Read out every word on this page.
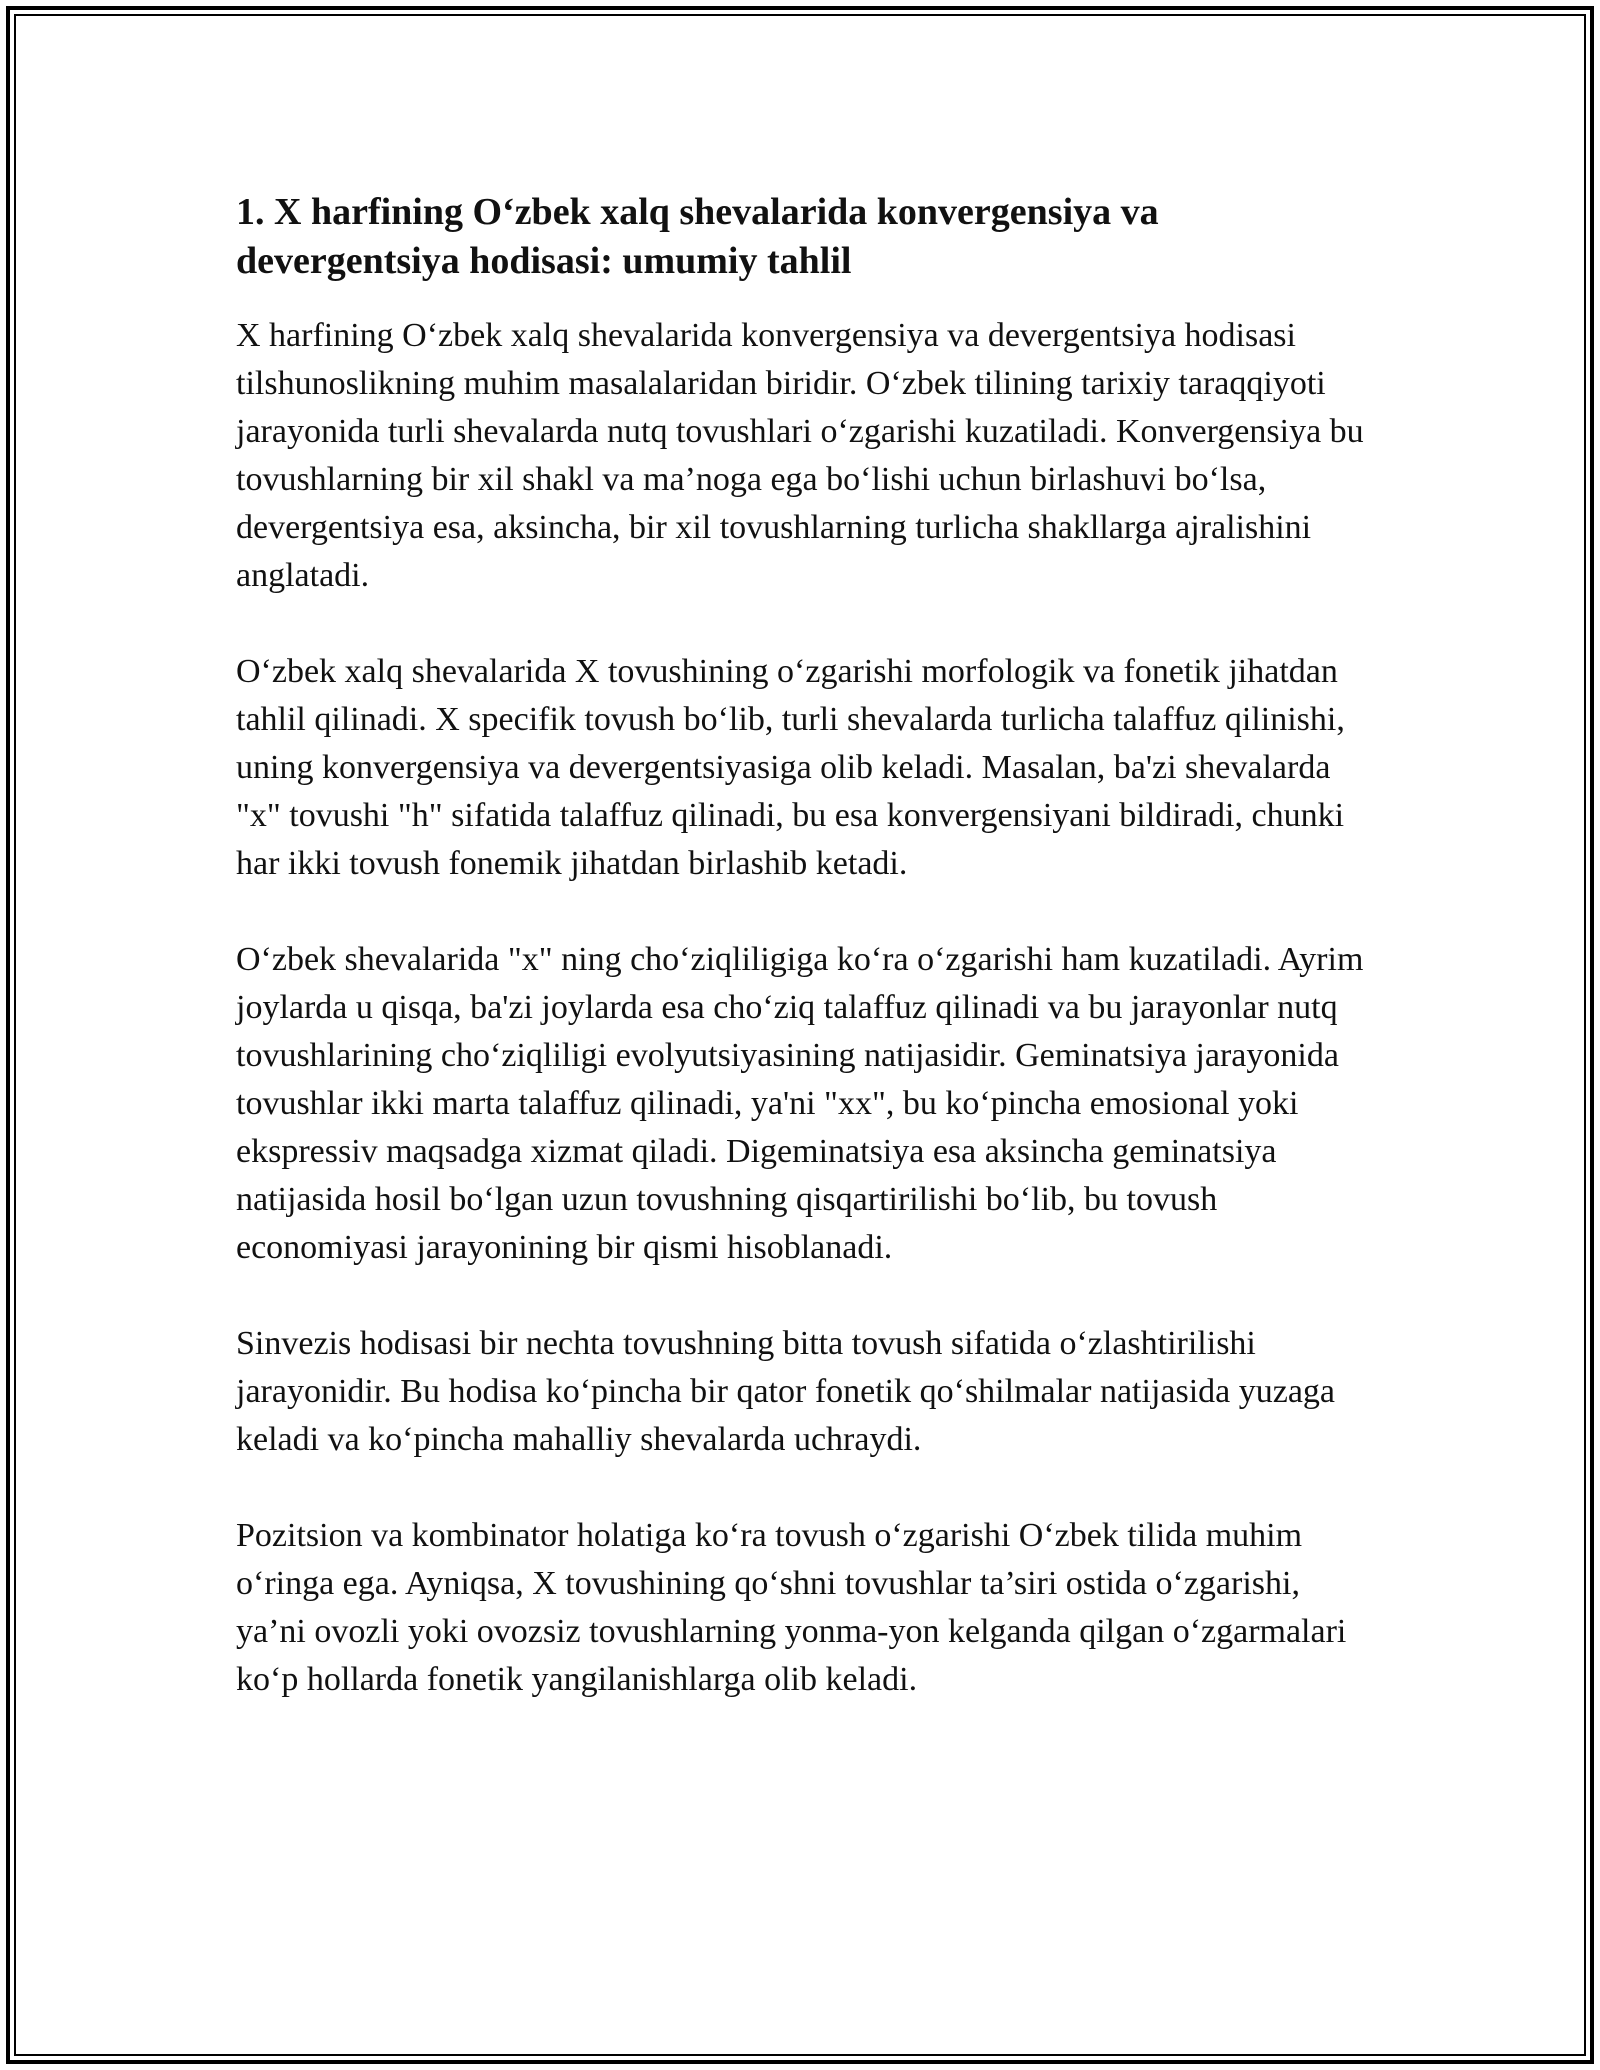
1. X harfining O‘zbek xalq shevalarida konvergensiya va devergentsiya hodisasi: umumiy tahlil

X harfining O‘zbek xalq shevalarida konvergensiya va devergentsiya hodisasi tilshunoslikning muhim masalalaridan biridir. O‘zbek tilining tarixiy taraqqiyoti jarayonida turli shevalarda nutq tovushlari o‘zgarishi kuzatiladi. Konvergensiya bu tovushlarning bir xil shakl va ma’noga ega bo‘lishi uchun birlashuvi bo‘lsa, devergentsiya esa, aksincha, bir xil tovushlarning turlicha shakllarga ajralishini anglatadi.

O‘zbek xalq shevalarida X tovushining o‘zgarishi morfologik va fonetik jihatdan tahlil qilinadi. X specifik tovush bo‘lib, turli shevalarda turlicha talaffuz qilinishi, uning konvergensiya va devergentsiyasiga olib keladi. Masalan, ba'zi shevalarda "x" tovushi "h" sifatida talaffuz qilinadi, bu esa konvergensiyani bildiradi, chunki har ikki tovush fonemik jihatdan birlashib ketadi.

O‘zbek shevalarida "x" ning cho‘ziqliligiga ko‘ra o‘zgarishi ham kuzatiladi. Ayrim joylarda u qisqa, ba'zi joylarda esa cho‘ziq talaffuz qilinadi va bu jarayonlar nutq tovushlarining cho‘ziqliligi evolyutsiyasining natijasidir. Geminatsiya jarayonida tovushlar ikki marta talaffuz qilinadi, ya'ni "xx", bu ko‘pincha emosional yoki ekspressiv maqsadga xizmat qiladi. Digeminatsiya esa aksincha geminatsiya natijasida hosil bo‘lgan uzun tovushning qisqartirilishi bo‘lib, bu tovush economiyasi jarayonining bir qismi hisoblanadi.

Sinvezis hodisasi bir nechta tovushning bitta tovush sifatida o‘zlashtirilishi jarayonidir. Bu hodisa ko‘pincha bir qator fonetik qo‘shilmalar natijasida yuzaga keladi va ko‘pincha mahalliy shevalarda uchraydi.

Pozitsion va kombinator holatiga ko‘ra tovush o‘zgarishi O‘zbek tilida muhim o‘ringa ega. Ayniqsa, X tovushining qo‘shni tovushlar ta’siri ostida o‘zgarishi, ya’ni ovozli yoki ovozsiz tovushlarning yonma-yon kelganda qilgan o‘zgarmalari ko‘p hollarda fonetik yangilanishlarga olib keladi.
